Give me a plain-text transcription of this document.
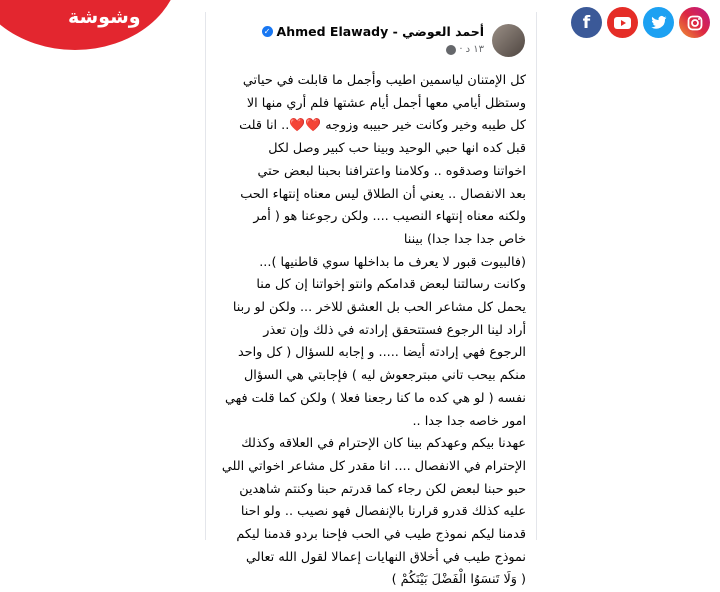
وشوشة	f
أحمد العوضي - Ahmed Elawady
✓
١٣ د
·
كل الإمتنان لياسمين اطيب وأجمل ما قابلت في حياتي
وستظل أيامي معها أجمل أيام عشتها فلم أري منها الا
كل طيبه وخير وكانت خير حبيبه وزوجه ❤️❤️.. انا قلت
قبل كده انها حبي الوحيد وبينا حب كبير وصل لكل
اخواتنا وصدقوه .. وكلامنا واعترافنا بحبنا لبعض حتي
بعد الانفصال .. يعني أن الطلاق ليس معناه إنتهاء الحب
ولكنه معناه إنتهاء النصيب .... ولكن رجوعنا هو ( أمر
خاص جدا جدا جدا) بيننا
(فالبيوت قبور لا يعرف ما بداخلها سوي قاطنيها )...
وكانت رسالتنا لبعض قدامكم وانتو إخواتنا إن كل منا
يحمل كل مشاعر الحب بل العشق للاخر ... ولكن لو ربنا
أراد لينا الرجوع فستتحقق إرادته في ذلك وإن تعذر
الرجوع فهي إرادته أيضا ..... و إجابه للسؤال ( كل واحد
منكم بيحب تاني مبترجعوش ليه ) فإجابتي هي السؤال
نفسه ( لو هي كده ما كنا رجعنا فعلا ) ولكن كما قلت فهي
امور خاصه جدا جدا ..
عهدنا بيكم وعهدكم بينا كان الإحترام في العلاقه وكذلك
الإحترام في الانفصال .... انا مقدر كل مشاعر اخواتي اللي
حبو حبنا لبعض لكن رجاء كما قدرتم حبنا وكنتم شاهدين
عليه كذلك قدرو قرارنا بالإنفصال فهو نصيب .. ولو احنا
قدمنا ليكم نموذج طيب في الحب فإحنا بردو قدمنا ليكم
نموذج طيب في أخلاق النهايات إعمالا لقول الله تعالي
( وَلَا تَنسَوُا الْفَضْلَ بَيْنَكُمْ )
